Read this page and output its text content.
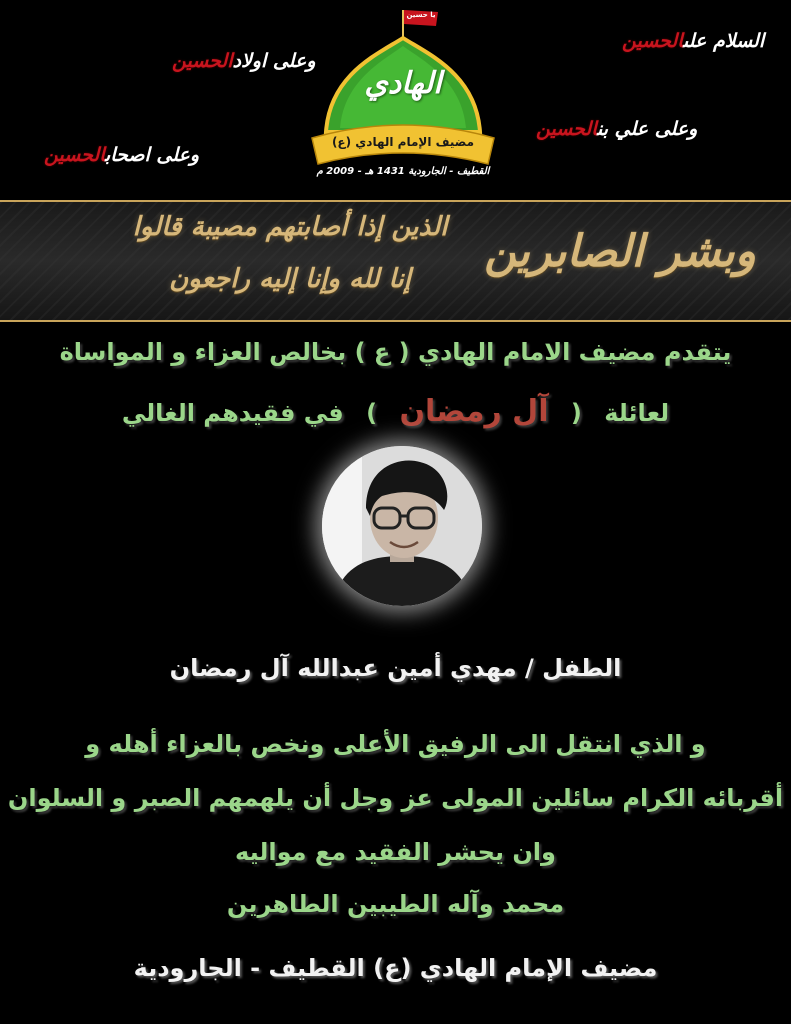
السلام علىالحسين
وعلى علي بنالحسين
وعلى اولادالحسين
وعلى اصحابالحسين
يا حسين
الهادي
مضيف الإمام الهادي (ع)
القطيف - الجارودية 1431 هـ - 2009 م
وبشر الصابرين
الذين إذا أصابتهم مصيبة قالوا
إنا لله وإنا إليه راجعون
يتقدم مضيف الامام الهادي ( ع ) بخالص العزاء و المواساة
لعائلة ( آل رمضان ) في فقيدهم الغالي
الطفل / مهدي أمين عبدالله آل رمضان
و الذي انتقل الى الرفيق الأعلى ونخص بالعزاء أهله و
أقربائه الكرام سائلين المولى عز وجل أن يلهمهم الصبر و السلوان
وان يحشر الفقيد مع مواليه
محمد وآله الطيبين الطاهرين
مضيف الإمام الهادي (ع) القطيف - الجارودية
